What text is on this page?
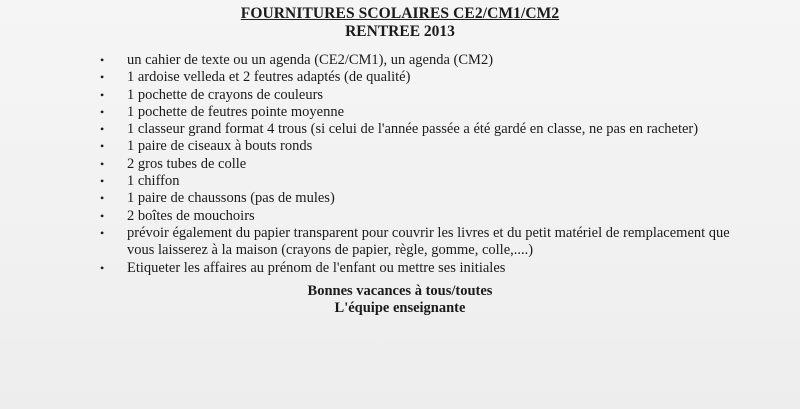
FOURNITURES SCOLAIRES CE2/CM1/CM2
RENTREE 2013
• un cahier de texte ou un agenda (CE2/CM1), un agenda (CM2)
• 1 ardoise velleda et 2 feutres adaptés (de qualité)
• 1 pochette de crayons de couleurs
• 1 pochette de feutres pointe moyenne
• 1 classeur grand format 4 trous (si celui de l'année passée a été gardé en classe, ne pas en racheter)
• 1 paire de ciseaux à bouts ronds
• 2 gros tubes de colle
• 1 chiffon
• 1 paire de chaussons (pas de mules)
• 2 boîtes de mouchoirs
• prévoir également du papier transparent pour couvrir les livres et du petit matériel de remplacement que vous laisserez à la maison (crayons de papier, règle, gomme, colle,....)
• Etiqueter les affaires au prénom de l'enfant ou mettre ses initiales
Bonnes vacances à tous/toutes
L'équipe enseignante
